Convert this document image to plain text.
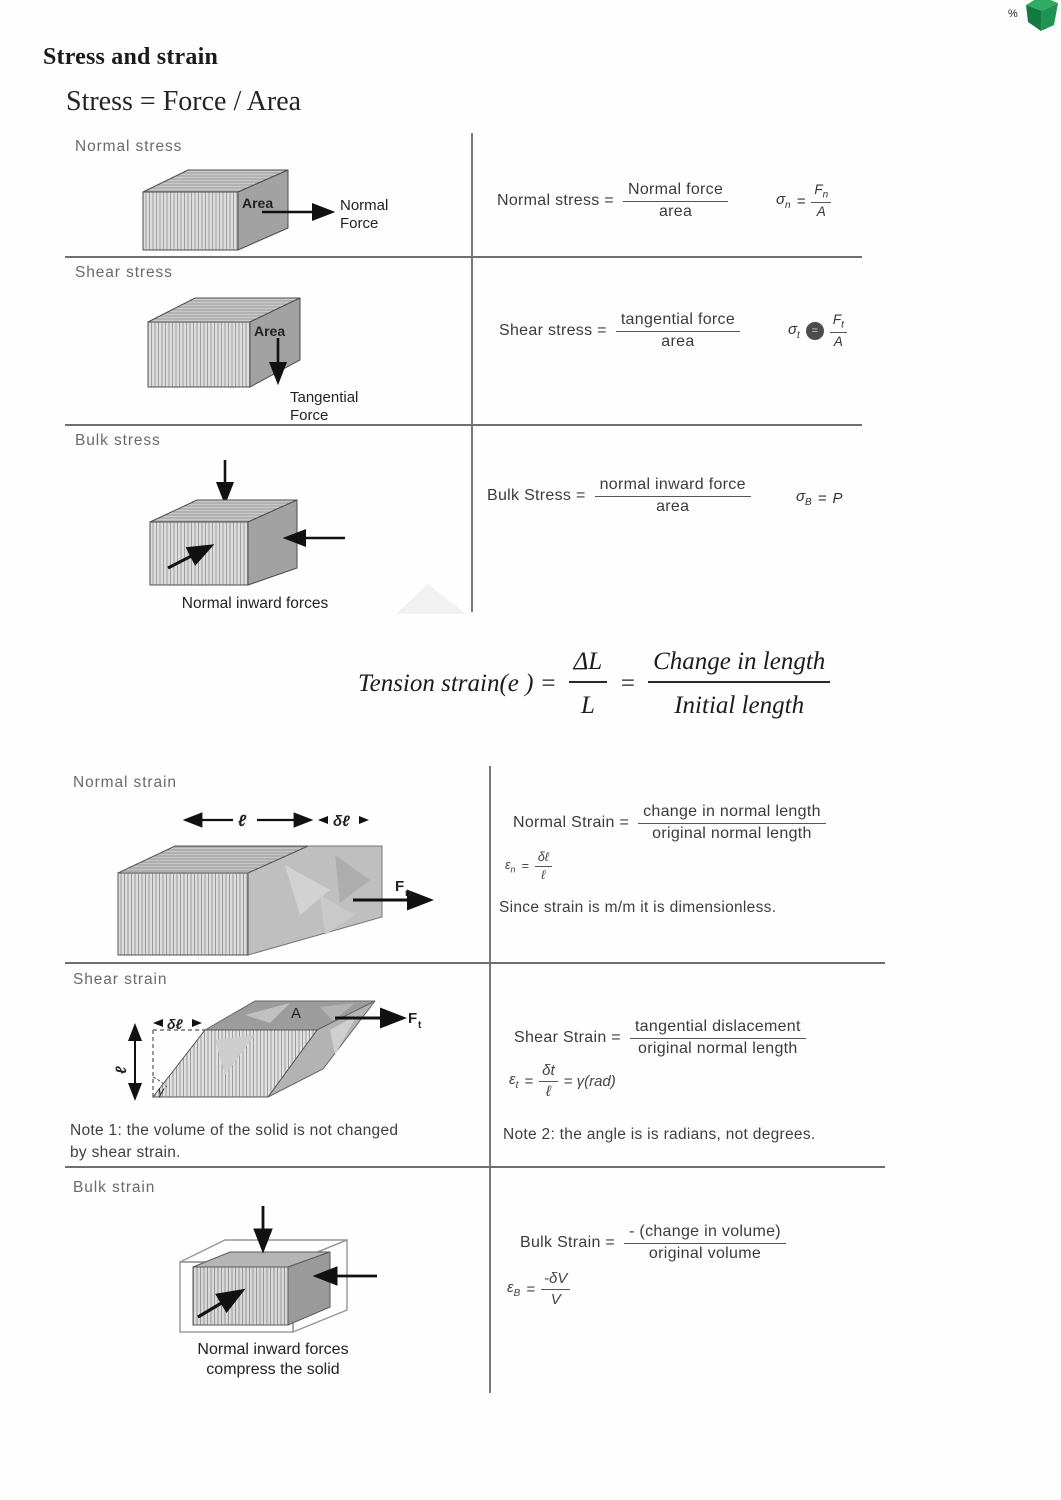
%
Stress and strain
Stress = Force / Area
Normal stress
Area	Normal
Force
Normal stress = $\frac{\text{Normal force}}{\text{area}}$	$\sigma_n = \frac{F_n}{A}$
Shear stress
Area
Tangential
Force
Shear stress = $\frac{\text{tangential force}}{\text{area}}$	$\sigma_t = \frac{F_t}{A}$
Bulk stress
Normal inward forces
Bulk Stress = $\frac{\text{normal inward force}}{\text{area}}$	$\sigma_B = P$
Tension strain(e ) = $\frac{\Delta L}{L} = \frac{\text{Change in length}}{\text{Initial length}}$
Normal strain
ℓ	δℓ
F n
Normal Strain = $\frac{\text{change in normal length}}{\text{original normal length}}$
$\varepsilon_n = \frac{\text{δℓ}}{\text{ℓ}}$
Since strain is m/m it is dimensionless.
Shear strain
γ
ℓ
δℓ
A	F t
Note 1: the volume of the solid is not changed
by shear strain.
Shear Strain = $\frac{\text{tangential dislacement}}{\text{original normal length}}$
$\varepsilon_t = \frac{\delta t}{\text{ℓ}} = \gamma(rad)$
Note 2: the angle is is radians, not degrees.
Bulk strain
Normal inward forces
compress the solid
Bulk Strain = $\frac{\text{- (change in volume)}}{\text{original volume}}$
$\varepsilon_B = \frac{-\delta V}{V}$
